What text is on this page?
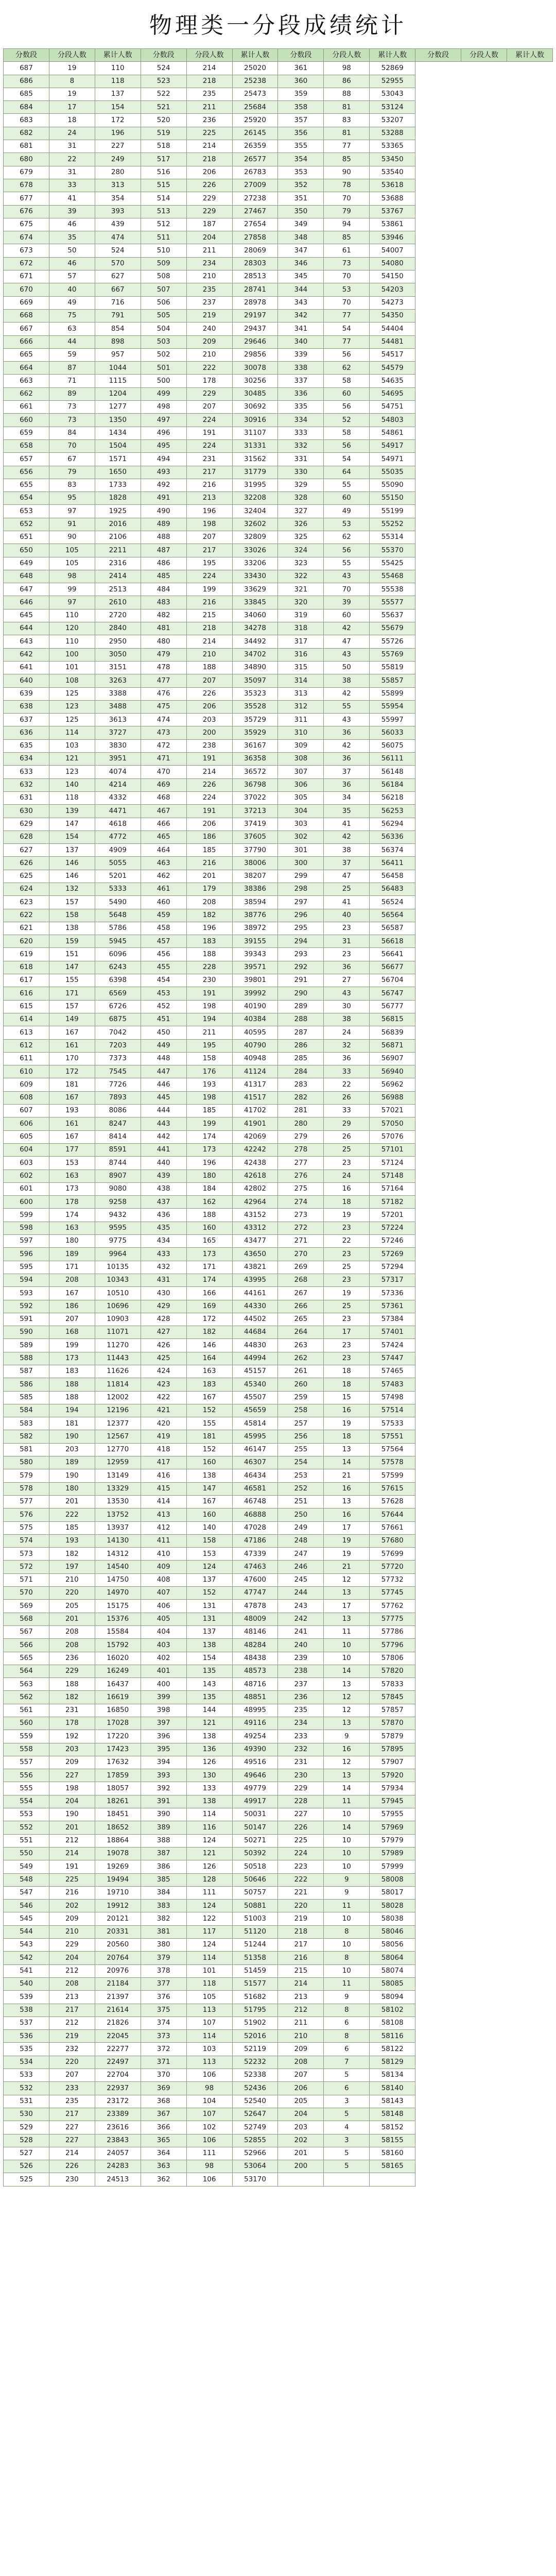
物理类一分段成绩统计
分数段	分段人数	累计人数	分数段	分段人数	累计人数	分数段	分段人数	累计人数	分数段	分段人数	累计人数
687	19	110	524	214	25020	361	98	52869			
686	8	118	523	218	25238	360	86	52955			
685	19	137	522	235	25473	359	88	53043			
684	17	154	521	211	25684	358	81	53124			
683	18	172	520	236	25920	357	83	53207			
682	24	196	519	225	26145	356	81	53288			
681	31	227	518	214	26359	355	77	53365			
680	22	249	517	218	26577	354	85	53450			
679	31	280	516	206	26783	353	90	53540			
678	33	313	515	226	27009	352	78	53618			
677	41	354	514	229	27238	351	70	53688			
676	39	393	513	229	27467	350	79	53767			
675	46	439	512	187	27654	349	94	53861			
674	35	474	511	204	27858	348	85	53946			
673	50	524	510	211	28069	347	61	54007			
672	46	570	509	234	28303	346	73	54080			
671	57	627	508	210	28513	345	70	54150			
670	40	667	507	235	28741	344	53	54203			
669	49	716	506	237	28978	343	70	54273			
668	75	791	505	219	29197	342	77	54350			
667	63	854	504	240	29437	341	54	54404			
666	44	898	503	209	29646	340	77	54481			
665	59	957	502	210	29856	339	56	54517			
664	87	1044	501	222	30078	338	62	54579			
663	71	1115	500	178	30256	337	58	54635			
662	89	1204	499	229	30485	336	60	54695			
661	73	1277	498	207	30692	335	56	54751			
660	73	1350	497	224	30916	334	52	54803			
659	84	1434	496	191	31107	333	58	54861			
658	70	1504	495	224	31331	332	56	54917			
657	67	1571	494	231	31562	331	54	54971			
656	79	1650	493	217	31779	330	64	55035			
655	83	1733	492	216	31995	329	55	55090			
654	95	1828	491	213	32208	328	60	55150			
653	97	1925	490	196	32404	327	49	55199			
652	91	2016	489	198	32602	326	53	55252			
651	90	2106	488	207	32809	325	62	55314			
650	105	2211	487	217	33026	324	56	55370			
649	105	2316	486	195	33206	323	55	55425			
648	98	2414	485	224	33430	322	43	55468			
647	99	2513	484	199	33629	321	70	55538			
646	97	2610	483	216	33845	320	39	55577			
645	110	2720	482	215	34060	319	60	55637			
644	120	2840	481	218	34278	318	42	55679			
643	110	2950	480	214	34492	317	47	55726			
642	100	3050	479	210	34702	316	43	55769			
641	101	3151	478	188	34890	315	50	55819			
640	108	3263	477	207	35097	314	38	55857			
639	125	3388	476	226	35323	313	42	55899			
638	123	3488	475	206	35528	312	55	55954			
637	125	3613	474	203	35729	311	43	55997			
636	114	3727	473	200	35929	310	36	56033			
635	103	3830	472	238	36167	309	42	56075			
634	121	3951	471	191	36358	308	36	56111			
633	123	4074	470	214	36572	307	37	56148			
632	140	4214	469	226	36798	306	36	56184			
631	118	4332	468	224	37022	305	34	56218			
630	139	4471	467	191	37213	304	35	56253			
629	147	4618	466	206	37419	303	41	56294			
628	154	4772	465	186	37605	302	42	56336			
627	137	4909	464	185	37790	301	38	56374			
626	146	5055	463	216	38006	300	37	56411			
625	146	5201	462	201	38207	299	47	56458			
624	132	5333	461	179	38386	298	25	56483			
623	157	5490	460	208	38594	297	41	56524			
622	158	5648	459	182	38776	296	40	56564			
621	138	5786	458	196	38972	295	23	56587			
620	159	5945	457	183	39155	294	31	56618			
619	151	6096	456	188	39343	293	23	56641			
618	147	6243	455	228	39571	292	36	56677			
617	155	6398	454	230	39801	291	27	56704			
616	171	6569	453	191	39992	290	43	56747			
615	157	6726	452	198	40190	289	30	56777			
614	149	6875	451	194	40384	288	38	56815			
613	167	7042	450	211	40595	287	24	56839			
612	161	7203	449	195	40790	286	32	56871			
611	170	7373	448	158	40948	285	36	56907			
610	172	7545	447	176	41124	284	33	56940			
609	181	7726	446	193	41317	283	22	56962			
608	167	7893	445	198	41517	282	26	56988			
607	193	8086	444	185	41702	281	33	57021			
606	161	8247	443	199	41901	280	29	57050			
605	167	8414	442	174	42069	279	26	57076			
604	177	8591	441	173	42242	278	25	57101			
603	153	8744	440	196	42438	277	23	57124			
602	163	8907	439	180	42618	276	24	57148			
601	173	9080	438	184	42802	275	16	57164			
600	178	9258	437	162	42964	274	18	57182			
599	174	9432	436	188	43152	273	19	57201			
598	163	9595	435	160	43312	272	23	57224			
597	180	9775	434	165	43477	271	22	57246			
596	189	9964	433	173	43650	270	23	57269			
595	171	10135	432	171	43821	269	25	57294			
594	208	10343	431	174	43995	268	23	57317			
593	167	10510	430	166	44161	267	19	57336			
592	186	10696	429	169	44330	266	25	57361			
591	207	10903	428	172	44502	265	23	57384			
590	168	11071	427	182	44684	264	17	57401			
589	199	11270	426	146	44830	263	23	57424			
588	173	11443	425	164	44994	262	23	57447			
587	183	11626	424	163	45157	261	18	57465			
586	188	11814	423	183	45340	260	18	57483			
585	188	12002	422	167	45507	259	15	57498			
584	194	12196	421	152	45659	258	16	57514			
583	181	12377	420	155	45814	257	19	57533			
582	190	12567	419	181	45995	256	18	57551			
581	203	12770	418	152	46147	255	13	57564			
580	189	12959	417	160	46307	254	14	57578			
579	190	13149	416	138	46434	253	21	57599			
578	180	13329	415	147	46581	252	16	57615			
577	201	13530	414	167	46748	251	13	57628			
576	222	13752	413	160	46888	250	16	57644			
575	185	13937	412	140	47028	249	17	57661			
574	193	14130	411	158	47186	248	19	57680			
573	182	14312	410	153	47339	247	19	57699			
572	197	14540	409	124	47463	246	21	57720			
571	210	14750	408	137	47600	245	12	57732			
570	220	14970	407	152	47747	244	13	57745			
569	205	15175	406	131	47878	243	17	57762			
568	201	15376	405	131	48009	242	13	57775			
567	208	15584	404	137	48146	241	11	57786			
566	208	15792	403	138	48284	240	10	57796			
565	236	16020	402	154	48438	239	10	57806			
564	229	16249	401	135	48573	238	14	57820			
563	188	16437	400	143	48716	237	13	57833			
562	182	16619	399	135	48851	236	12	57845			
561	231	16850	398	144	48995	235	12	57857			
560	178	17028	397	121	49116	234	13	57870			
559	192	17220	396	138	49254	233	9	57879			
558	203	17423	395	136	49390	232	16	57895			
557	209	17632	394	126	49516	231	12	57907			
556	227	17859	393	130	49646	230	13	57920			
555	198	18057	392	133	49779	229	14	57934			
554	204	18261	391	138	49917	228	11	57945			
553	190	18451	390	114	50031	227	10	57955			
552	201	18652	389	116	50147	226	14	57969			
551	212	18864	388	124	50271	225	10	57979			
550	214	19078	387	121	50392	224	10	57989			
549	191	19269	386	126	50518	223	10	57999			
548	225	19494	385	128	50646	222	9	58008			
547	216	19710	384	111	50757	221	9	58017			
546	202	19912	383	124	50881	220	11	58028			
545	209	20121	382	122	51003	219	10	58038			
544	210	20331	381	117	51120	218	8	58046			
543	229	20560	380	124	51244	217	10	58056			
542	204	20764	379	114	51358	216	8	58064			
541	212	20976	378	101	51459	215	10	58074			
540	208	21184	377	118	51577	214	11	58085			
539	213	21397	376	105	51682	213	9	58094			
538	217	21614	375	113	51795	212	8	58102			
537	212	21826	374	107	51902	211	6	58108			
536	219	22045	373	114	52016	210	8	58116			
535	232	22277	372	103	52119	209	6	58122			
534	220	22497	371	113	52232	208	7	58129			
533	207	22704	370	106	52338	207	5	58134			
532	233	22937	369	98	52436	206	6	58140			
531	235	23172	368	104	52540	205	3	58143			
530	217	23389	367	107	52647	204	5	58148			
529	227	23616	366	102	52749	203	4	58152			
528	227	23843	365	106	52855	202	3	58155			
527	214	24057	364	111	52966	201	5	58160			
526	226	24283	363	98	53064	200	5	58165			
525	230	24513	362	106	53170						
